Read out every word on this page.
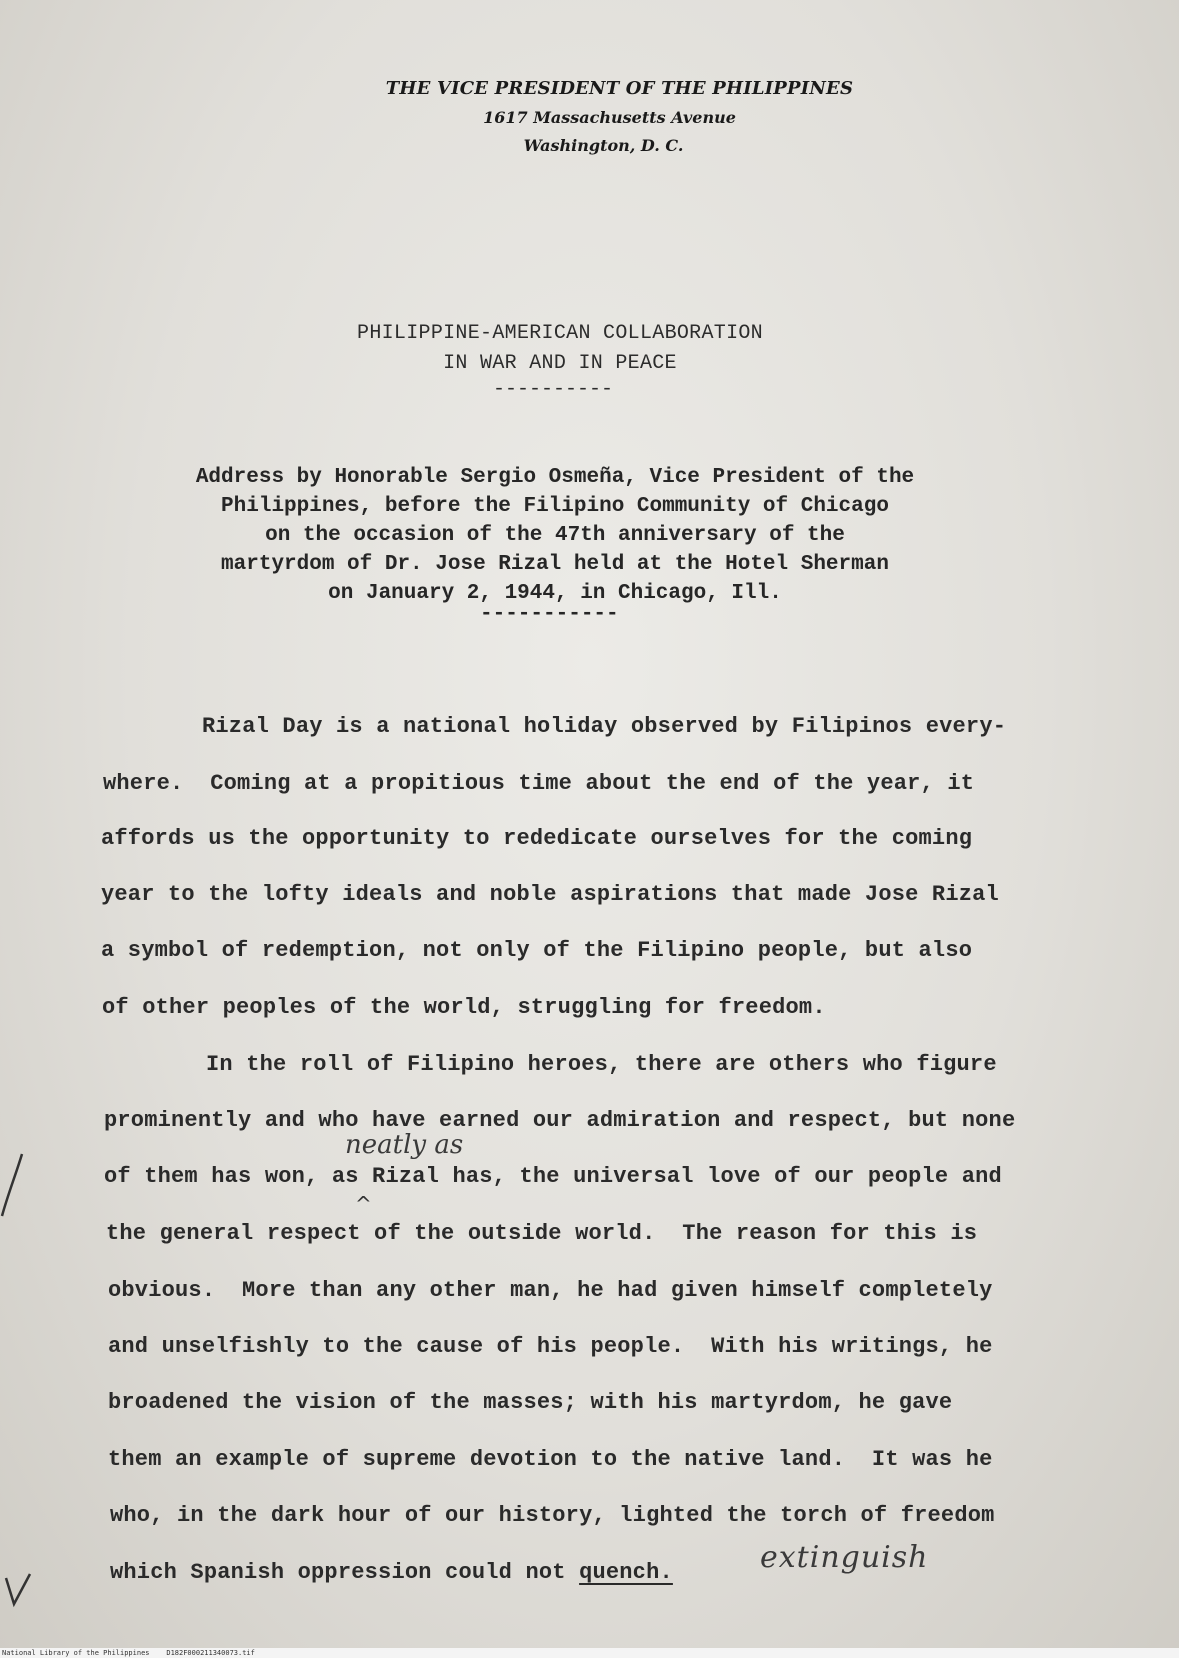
THE VICE PRESIDENT OF THE PHILIPPINES
1617 Massachusetts Avenue
Washington, D. C.
PHILIPPINE-AMERICAN COLLABORATION
IN WAR AND IN PEACE
----------
Address by Honorable Sergio Osmeña, Vice President of the
Philippines, before the Filipino Community of Chicago
on the occasion of the 47th anniversary of the
martyrdom of Dr. Jose Rizal held at the Hotel Sherman
on January 2, 1944, in Chicago, Ill.
-----------
Rizal Day is a national holiday observed by Filipinos every-
where.  Coming at a propitious time about the end of the year, it
affords us the opportunity to rededicate ourselves for the coming
year to the lofty ideals and noble aspirations that made Jose Rizal
a symbol of redemption, not only of the Filipino people, but also
of other peoples of the world, struggling for freedom.
In the roll of Filipino heroes, there are others who figure
prominently and who have earned our admiration and respect, but none
of them has won, as Rizal has, the universal love of our people and
the general respect of the outside world.  The reason for this is
obvious.  More than any other man, he had given himself completely
and unselfishly to the cause of his people.  With his writings, he
broadened the vision of the masses; with his martyrdom, he gave
them an example of supreme devotion to the native land.  It was he
who, in the dark hour of our history, lighted the torch of freedom
which Spanish oppression could not quench.
neatly as
^
extinguish
National Library of the Philippines    D182F000211340073.tif
